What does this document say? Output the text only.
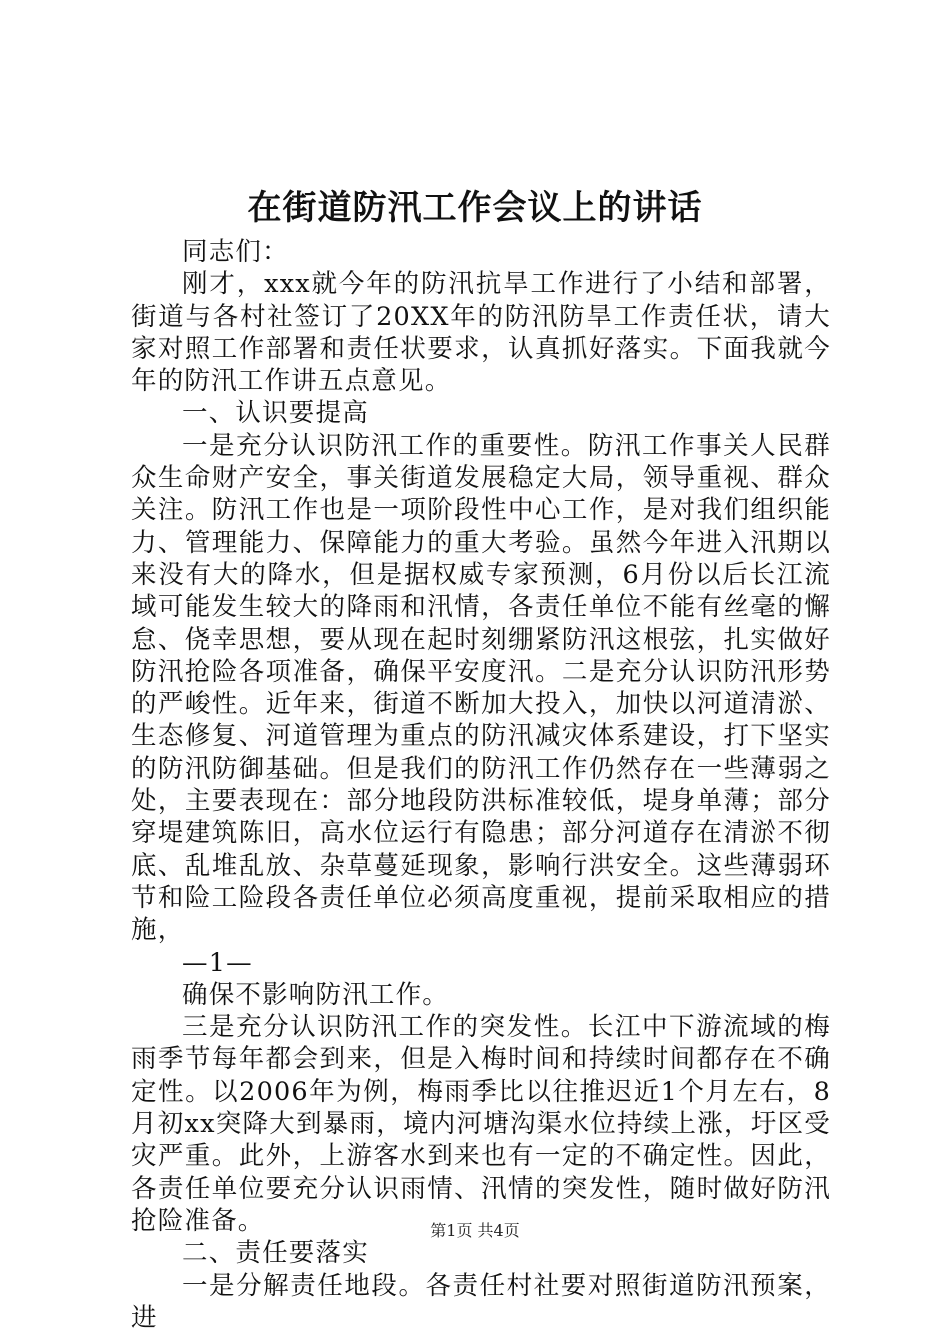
在街道防汛工作会议上的讲话

同志们：

刚才，xxx就今年的防汛抗旱工作进行了小结和部署，街道与各村社签订了20XX年的防汛防旱工作责任状，请大家对照工作部署和责任状要求，认真抓好落实。下面我就今年的防汛工作讲五点意见。

一、认识要提高

一是充分认识防汛工作的重要性。防汛工作事关人民群众生命财产安全，事关街道发展稳定大局，领导重视、群众关注。防汛工作也是一项阶段性中心工作，是对我们组织能力、管理能力、保障能力的重大考验。虽然今年进入汛期以来没有大的降水，但是据权威专家预测，6月份以后长江流域可能发生较大的降雨和汛情，各责任单位不能有丝毫的懈怠、侥幸思想，要从现在起时刻绷紧防汛这根弦，扎实做好防汛抢险各项准备，确保平安度汛。二是充分认识防汛形势的严峻性。近年来，街道不断加大投入，加快以河道清淤、生态修复、河道管理为重点的防汛减灾体系建设，打下坚实的防汛防御基础。但是我们的防汛工作仍然存在一些薄弱之处，主要表现在：部分地段防洪标准较低，堤身单薄；部分穿堤建筑陈旧，高水位运行有隐患；部分河道存在清淤不彻底、乱堆乱放、杂草蔓延现象，影响行洪安全。这些薄弱环节和险工险段各责任单位必须高度重视，提前采取相应的措施，

—1—

确保不影响防汛工作。

三是充分认识防汛工作的突发性。长江中下游流域的梅雨季节每年都会到来，但是入梅时间和持续时间都存在不确定性。以2006年为例，梅雨季比以往推迟近1个月左右，8月初xx突降大到暴雨，境内河塘沟渠水位持续上涨，圩区受灾严重。此外，上游客水到来也有一定的不确定性。因此，各责任单位要充分认识雨情、汛情的突发性，随时做好防汛抢险准备。

二、责任要落实

一是分解责任地段。各责任村社要对照街道防汛预案，进

第1页 共4页
